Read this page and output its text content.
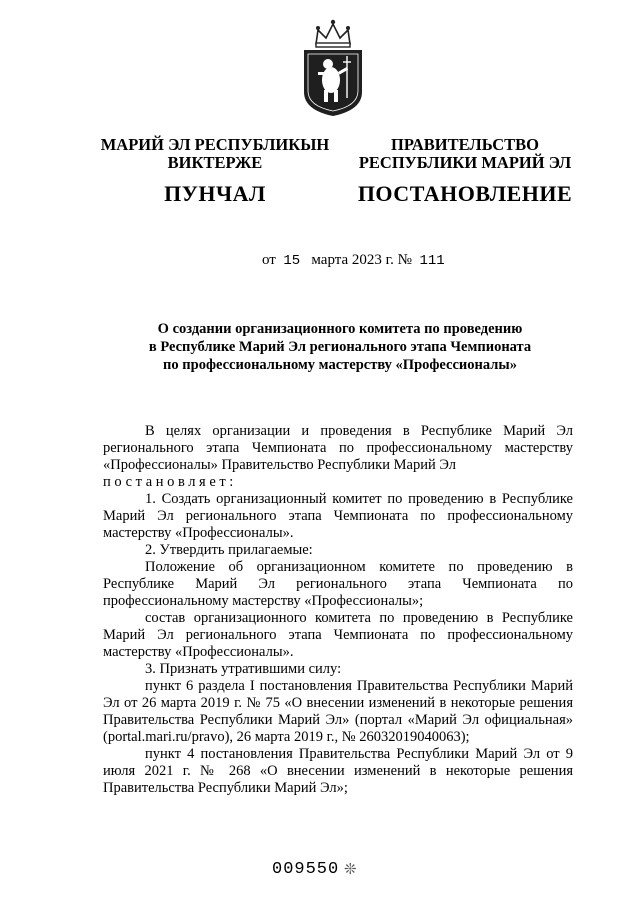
МАРИЙ ЭЛ РЕСПУБЛИКЫН
ВИКТЕРЖЕ
ПУНЧАЛ
ПРАВИТЕЛЬСТВО
РЕСПУБЛИКИ МАРИЙ ЭЛ
ПОСТАНОВЛЕНИЕ
от 15 марта 2023 г. № 111
О создании организационного комитета по проведению
в Республике Марий Эл регионального этапа Чемпионата
по профессиональному мастерству «Профессионалы»

В целях организации и проведения в Республике Марий Эл регионального этапа Чемпионата по профессиональному мастерству «Профессионалы» Правительство Республики Марий Эл

постановляет:

1. Создать организационный комитет по проведению в Республике Марий Эл регионального этапа Чемпионата по профессиональному мастерству «Профессионалы».

2. Утвердить прилагаемые:

Положение об организационном комитете по проведению в Республике Марий Эл регионального этапа Чемпионата по профессиональному мастерству «Профессионалы»;

состав организационного комитета по проведению в Республике Марий Эл регионального этапа Чемпионата по профессиональному мастерству «Профессионалы».

3. Признать утратившими силу:

пункт 6 раздела I постановления Правительства Республики Марий Эл от 26 марта 2019 г. № 75 «О внесении изменений в некоторые решения Правительства Республики Марий Эл» (портал «Марий Эл официальная» (portal.mari.ru/pravo), 26 марта 2019 г., № 26032019040063);

пункт 4 постановления Правительства Республики Марий Эл от 9 июля 2021 г. № 268 «О внесении изменений в некоторые решения Правительства Республики Марий Эл»;

009550 ❊
